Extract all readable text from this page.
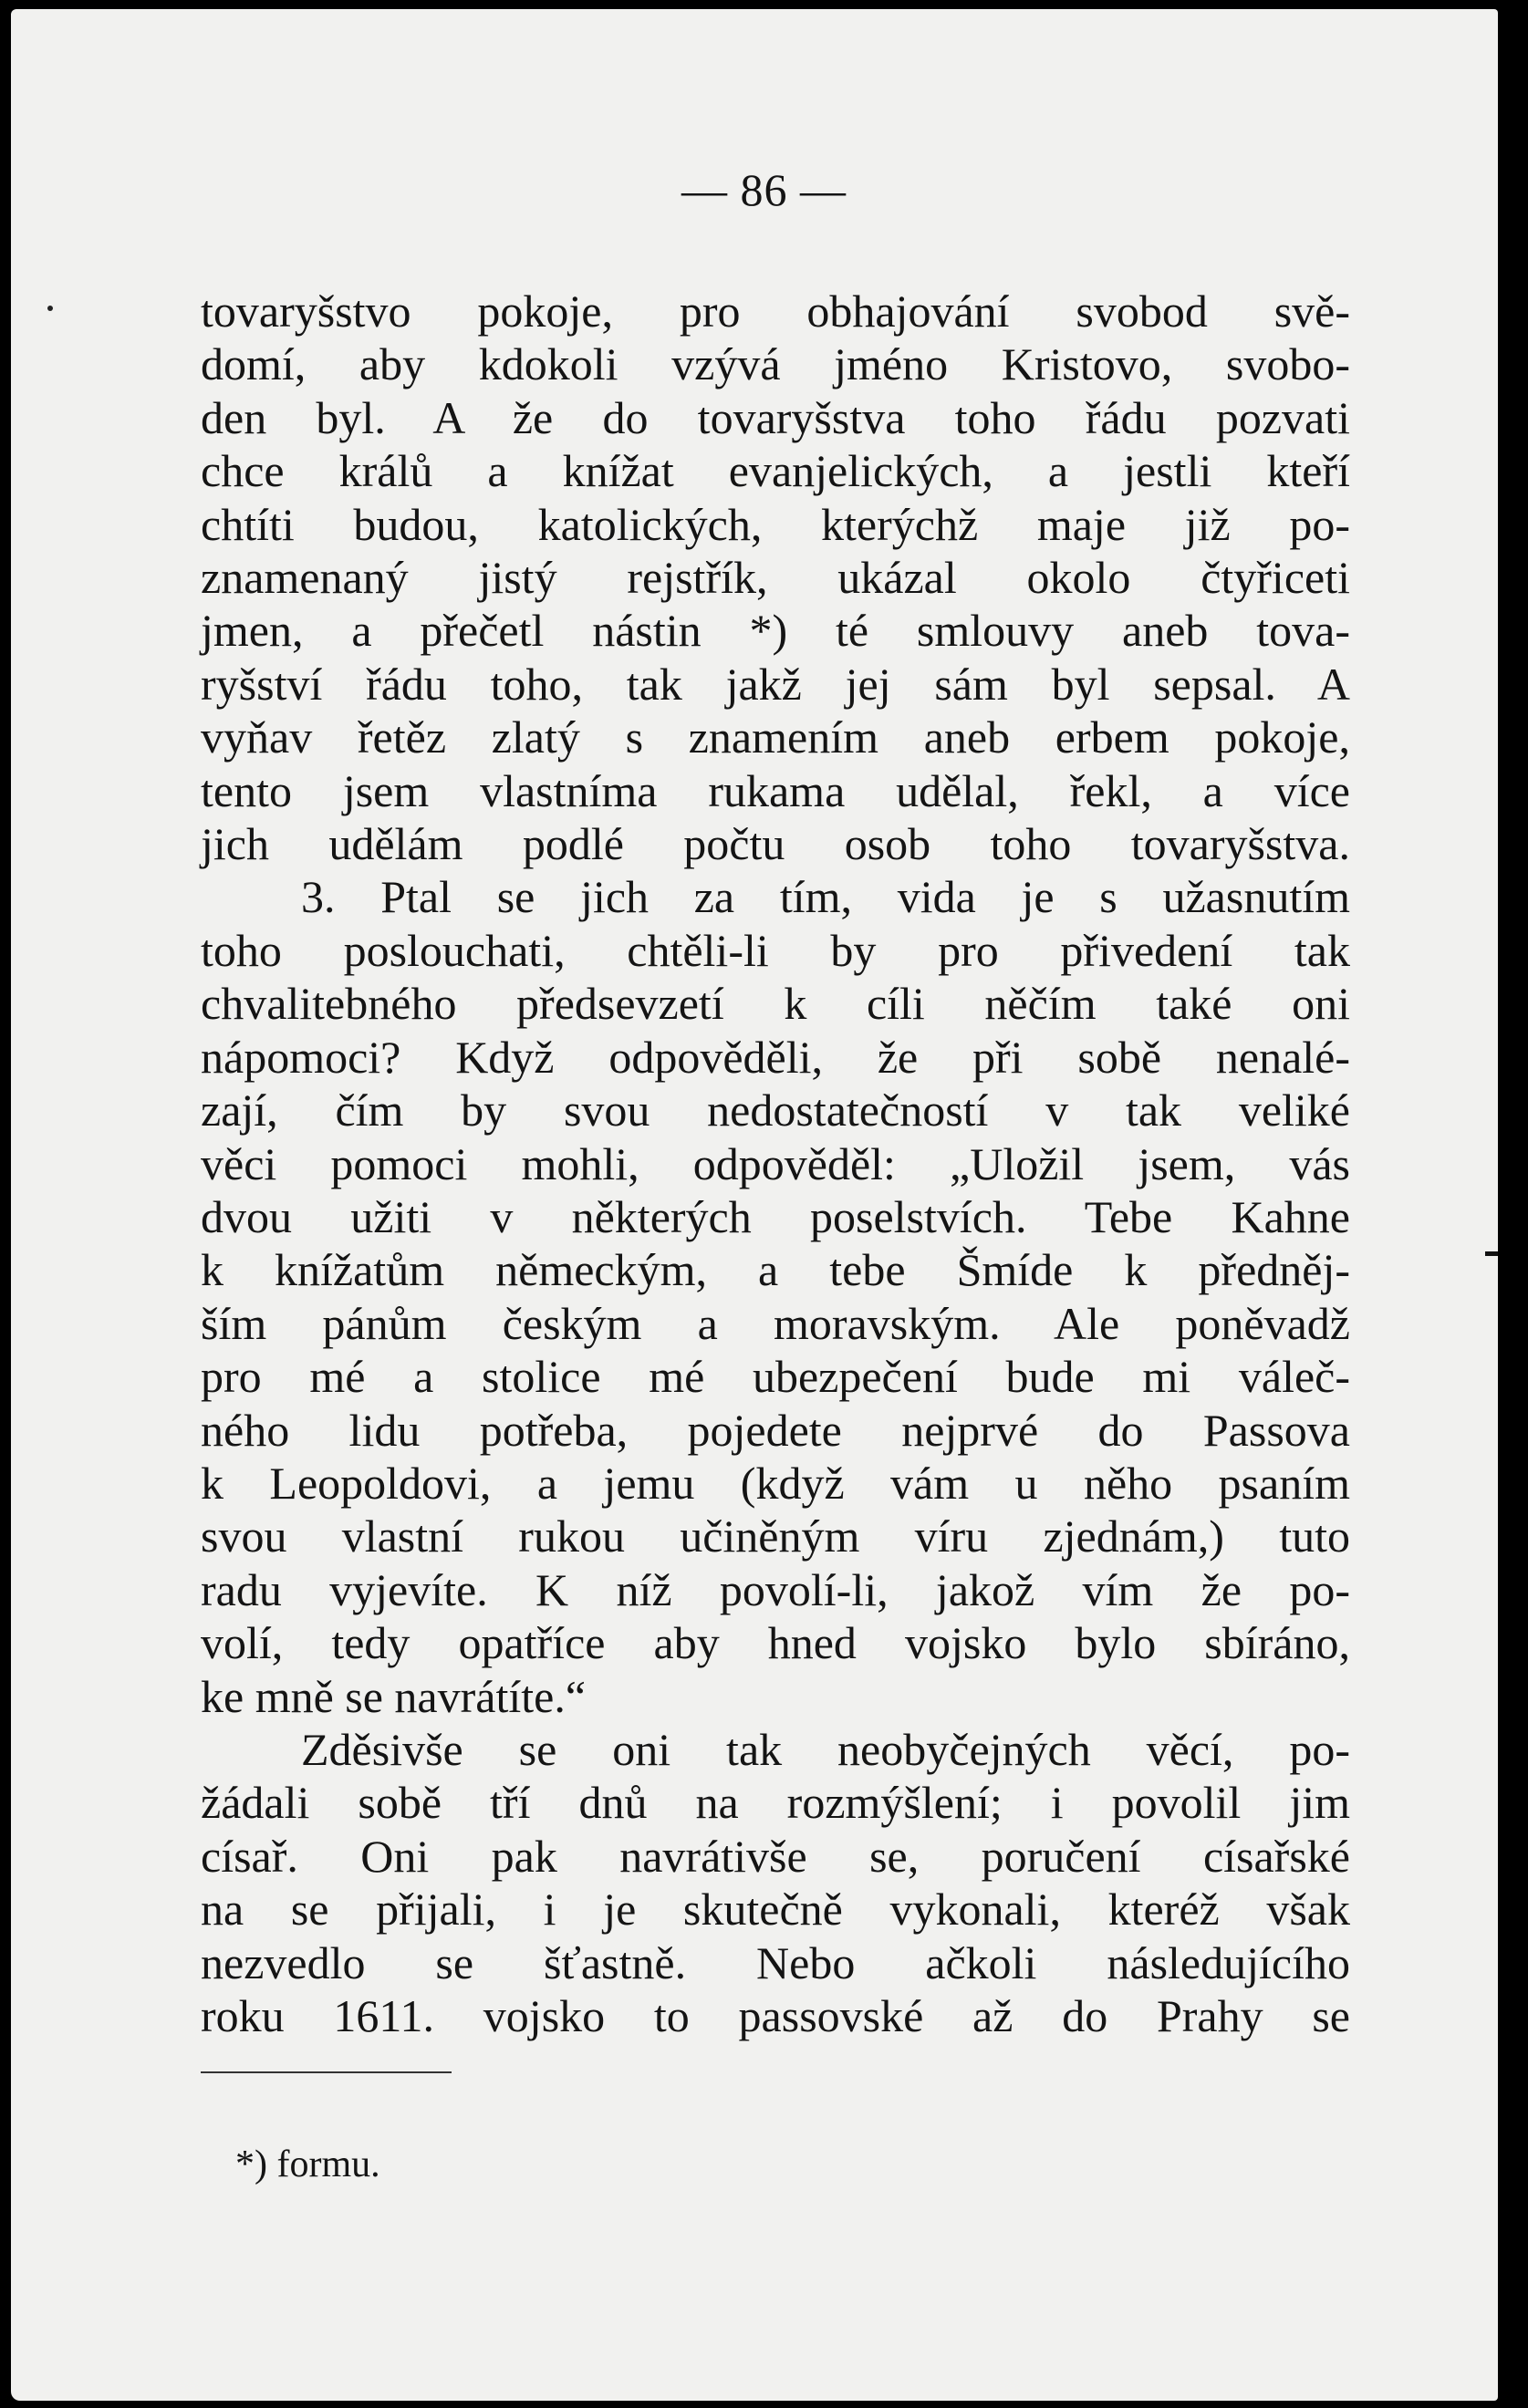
— 86 —
tovaryšstvo pokoje, pro obhajování svobod svě-
domí, aby kdokoli vzývá jméno Kristovo, svobo-
den byl. A že do tovaryšstva toho řádu pozvati
chce králů a knížat evanjelických, a jestli kteří
chtíti budou, katolických, kterýchž maje již po-
znamenaný jistý rejstřík, ukázal okolo čtyřiceti
jmen, a přečetl nástin *) té smlouvy aneb tova-
ryšství řádu toho, tak jakž jej sám byl sepsal. A
vyňav řetěz zlatý s znamením aneb erbem pokoje,
tento jsem vlastníma rukama udělal, řekl, a více
jich udělám podlé počtu osob toho tovaryšstva.
3. Ptal se jich za tím, vida je s užasnutím
toho poslouchati, chtěli-li by pro přivedení tak
chvalitebného předsevzetí k cíli něčím také oni
nápomoci? Když odpověděli, že při sobě nenalé-
zají, čím by svou nedostatečností v tak veliké
věci pomoci mohli, odpověděl: „Uložil jsem, vás
dvou užiti v některých poselstvích. Tebe Kahne
k knížatům německým, a tebe Šmíde k předněj-
ším pánům českým a moravským. Ale poněvadž
pro mé a stolice mé ubezpečení bude mi váleč-
ného lidu potřeba, pojedete nejprvé do Passova
k Leopoldovi, a jemu (když vám u něho psaním
svou vlastní rukou učiněným víru zjednám,) tuto
radu vyjevíte. K níž povolí-li, jakož vím že po-
volí, tedy opatříce aby hned vojsko bylo sbíráno,
ke mně se navrátíte.“
Zděsivše se oni tak neobyčejných věcí, po-
žádali sobě tří dnů na rozmýšlení; i povolil jim
císař. Oni pak navrátivše se, poručení císařské
na se přijali, i je skutečně vykonali, kteréž však
nezvedlo se šťastně. Nebo ačkoli následujícího
roku 1611. vojsko to passovské až do Prahy se
*) formu.
